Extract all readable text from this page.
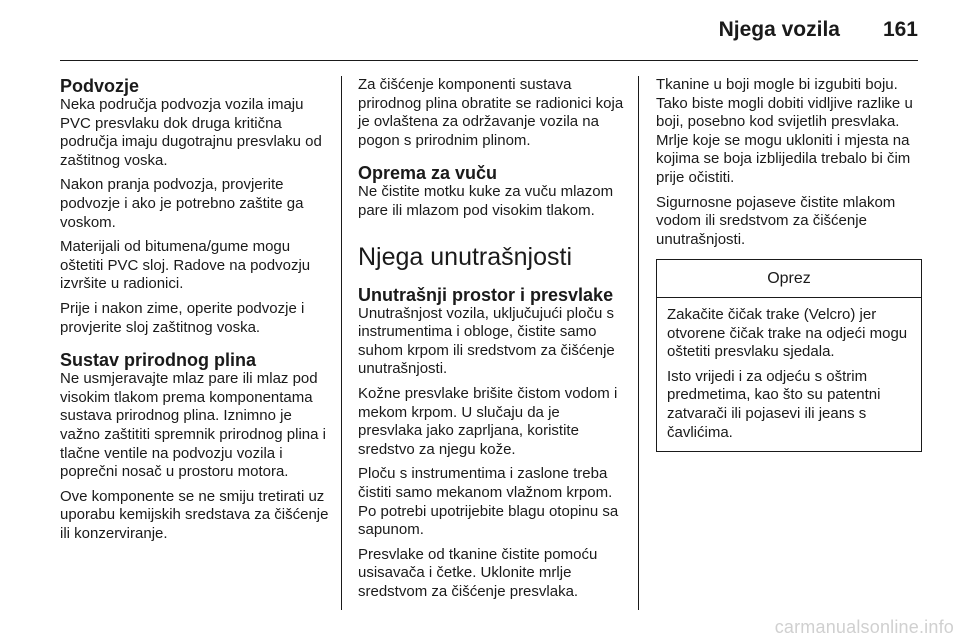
Njega vozila 161
Podvozje

Neka područja podvozja vozila imaju PVC presvlaku dok druga kritična područja imaju dugotrajnu presvlaku od zaštitnog voska.

Nakon pranja podvozja, provjerite podvozje i ako je potrebno zaštite ga voskom.

Materijali od bitumena/gume mogu oštetiti PVC sloj. Radove na podvozju izvršite u radionici.

Prije i nakon zime, operite podvozje i provjerite sloj zaštitnog voska.

Sustav prirodnog plina

Ne usmjeravajte mlaz pare ili mlaz pod visokim tlakom prema komponentama sustava prirodnog plina. Iznimno je važno zaštititi spremnik prirodnog plina i tlačne ventile na podvozju vozila i poprečni nosač u prostoru motora.

Ove komponente se ne smiju tretirati uz uporabu kemijskih sredstava za čišćenje ili konzerviranje.

Za čišćenje komponenti sustava prirodnog plina obratite se radionici koja je ovlaštena za održavanje vozila na pogon s prirodnim plinom.

Oprema za vuču

Ne čistite motku kuke za vuču mlazom pare ili mlazom pod visokim tlakom.

Njega unutrašnjosti
Unutrašnji prostor i presvlake

Unutrašnjost vozila, uključujući ploču s instrumentima i obloge, čistite samo suhom krpom ili sredstvom za čišćenje unutrašnjosti.

Kožne presvlake brišite čistom vodom i mekom krpom. U slučaju da je presvlaka jako zaprljana, koristite sredstvo za njegu kože.

Ploču s instrumentima i zaslone treba čistiti samo mekanom vlažnom krpom. Po potrebi upotrijebite blagu otopinu sa sapunom.

Presvlake od tkanine čistite pomoću usisavača i četke. Uklonite mrlje sredstvom za čišćenje presvlaka.

Tkanine u boji mogle bi izgubiti boju. Tako biste mogli dobiti vidljive razlike u boji, posebno kod svijetlih presvlaka. Mrlje koje se mogu ukloniti i mjesta na kojima se boja izblijedila trebalo bi čim prije očistiti.

Sigurnosne pojaseve čistite mlakom vodom ili sredstvom za čišćenje unutrašnjosti.

Oprez

Zakačite čičak trake (Velcro) jer otvorene čičak trake na odjeći mogu oštetiti presvlaku sjedala.

Isto vrijedi i za odjeću s oštrim predmetima, kao što su patentni zatvarači ili pojasevi ili jeans s čavlićima.

carmanualsonline.info
